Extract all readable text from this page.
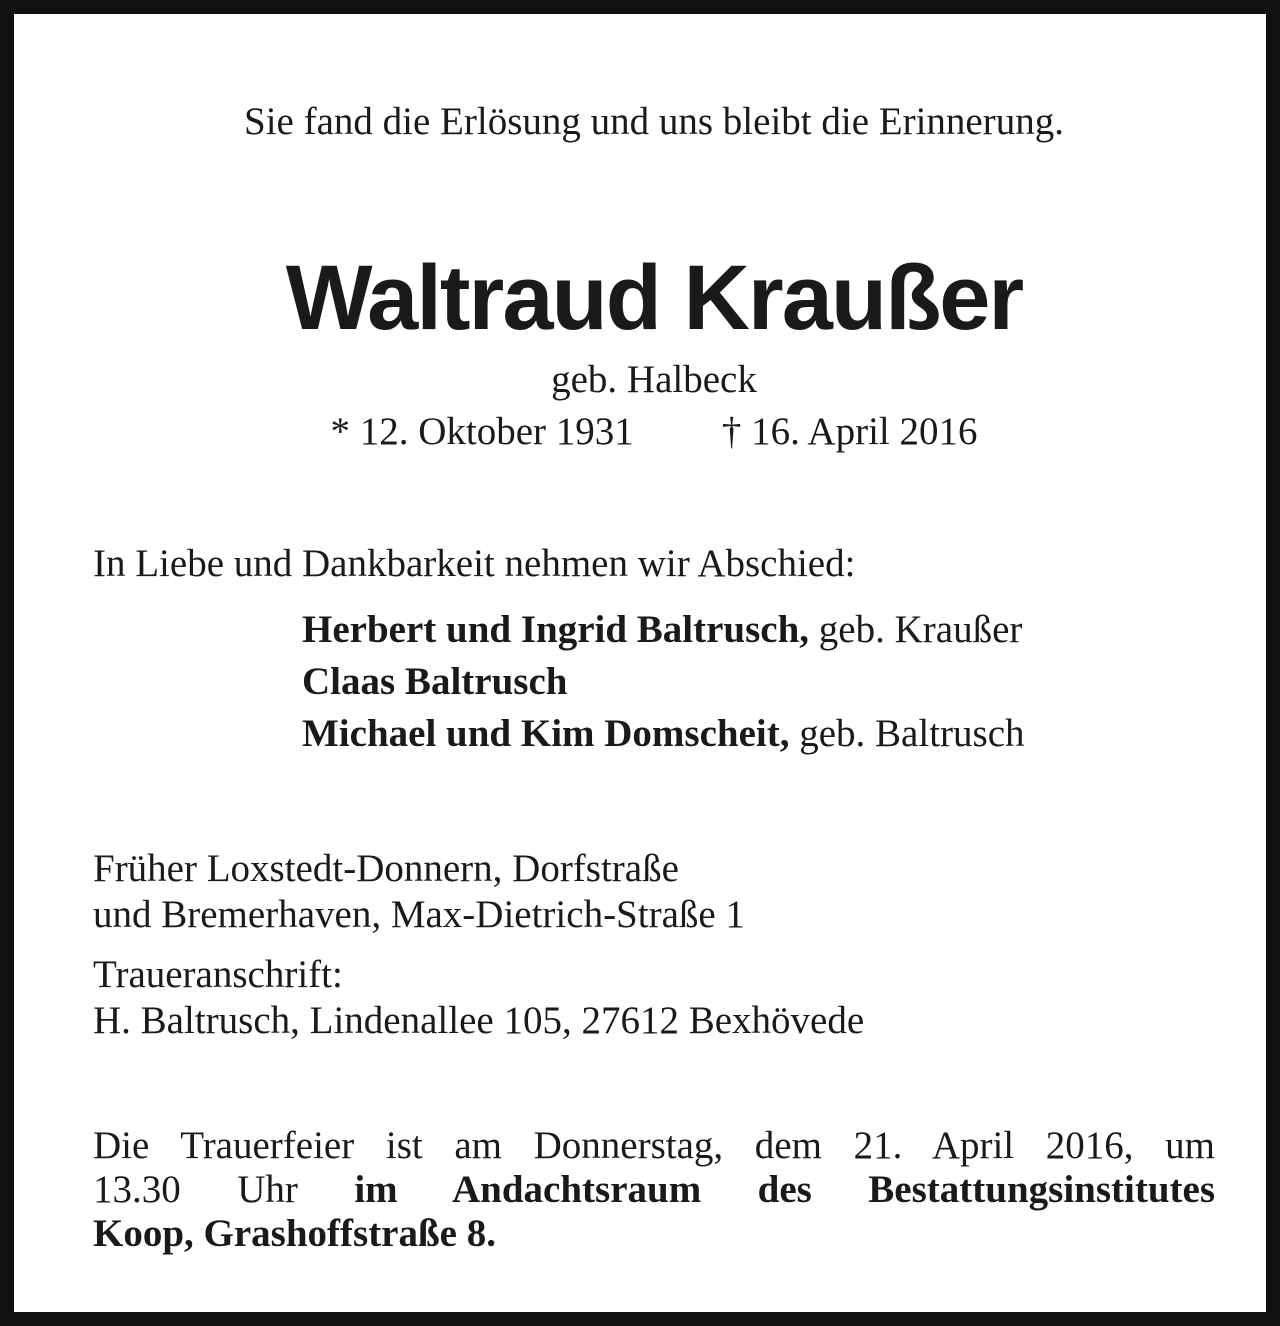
Sie fand die Erlösung und uns bleibt die Erinnerung.
Waltraud Kraußer
geb. Halbeck
* 12. Oktober 1931 † 16. April 2016
In Liebe und Dankbarkeit nehmen wir Abschied:
Herbert und Ingrid Baltrusch, geb. Kraußer
Claas Baltrusch
Michael und Kim Domscheit, geb. Baltrusch
Früher Loxstedt-Donnern, Dorfstraße
und Bremerhaven, Max-Dietrich-Straße 1
Traueranschrift:
H. Baltrusch, Lindenallee 105, 27612 Bexhövede
Die Trauerfeier ist am Donnerstag, dem 21. April 2016, um
13.30 Uhr im Andachtsraum des Bestattungsinstitutes
Koop, Grashoffstraße 8.
